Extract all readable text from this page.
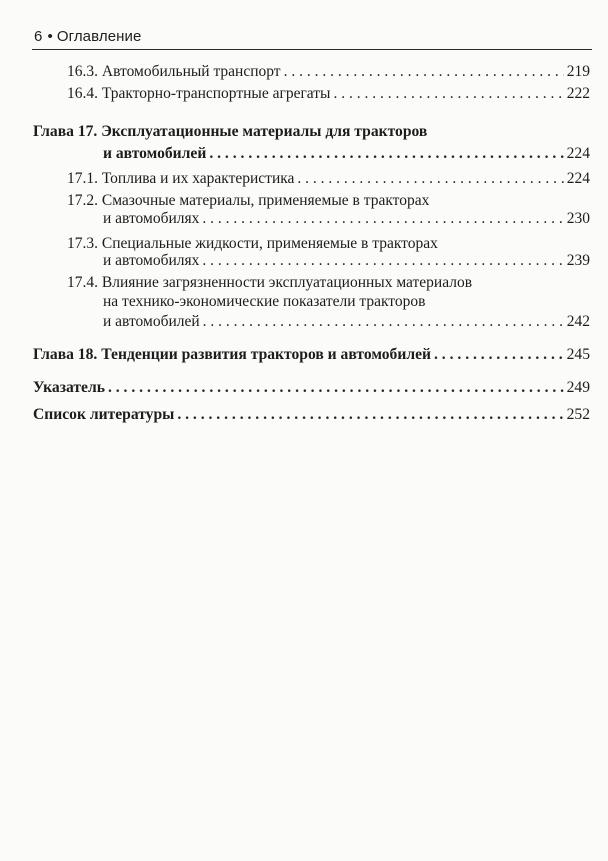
6 • Оглавление
16.3.
Автомобильный транспорт . . .	219
16.4.
Тракторно-транспортные агрегаты . . .	222
Глава 17. Эксплуатационные материалы для тракторов
и автомобилей . . .	224
17.1.
Топлива и их характеристика . . .	224
17.2. Смазочные материалы, применяемые в тракторах
и автомобилях . . .	230
17.3. Специальные жидкости, применяемые в тракторах
и автомобилях . . .	239
17.4. Влияние загрязненности эксплуатационных материалов
на технико-экономические показатели тракторов
и автомобилей . . .	242
Глава 18.
Тенденции развития тракторов и автомобилей . . .	245
Указатель . . .	249
Список литературы . . .	252
